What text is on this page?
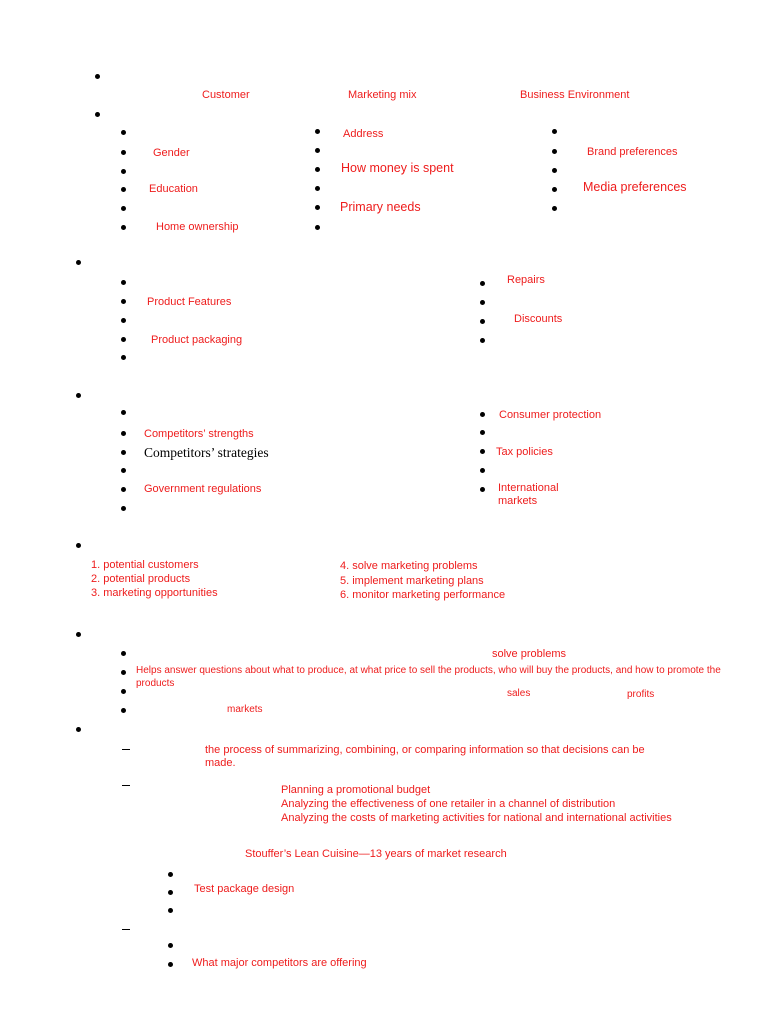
Customer	Marketing mix	Business Environment
Gender
Education
Home ownership
Address
How money is spent
Primary needs
Brand preferences
Media preferences
Product Features
Product packaging
Repairs
Discounts
Competitors’ strengths
Competitors’ strategies
Government regulations
Consumer protection
Tax policies
International markets
1. potential customers
2. potential products
3. marketing opportunities
4. solve marketing problems
5. implement marketing plans
6. monitor marketing performance
solve problems
Helps answer questions about what to produce, at what price to sell the products, who will buy the products, and how to promote the products
sales	profits
markets
the process of summarizing, combining, or comparing information so that decisions can be made.
Planning a promotional budget
Analyzing the effectiveness of one retailer in a channel of distribution
Analyzing the costs of marketing activities for national and international activities
Stouffer’s Lean Cuisine—13 years of market research
Test package design
What major competitors are offering
